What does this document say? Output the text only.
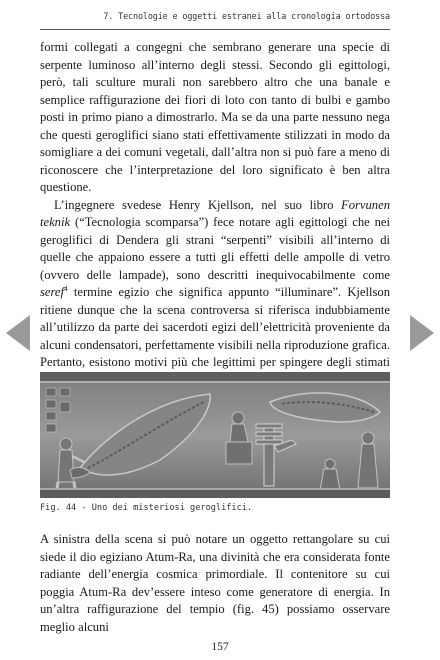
7. Tecnologie e oggetti estranei alla cronologia ortodossa

formi collegati a congegni che sembrano generare una specie di serpente luminoso all’interno degli stessi. Secondo gli egittologi, però, tali sculture murali non sarebbero altro che una banale e semplice raffigurazione dei fiori di loto con tanto di bulbi e gambo posti in primo piano a dimostrarlo. Ma se da una parte nessuno nega che questi geroglifici siano stati effettivamente stilizzati in modo da somigliare a dei comuni vegetali, dall’altra non si può fare a meno di riconoscere che l’interpretazione del loro significato è ben altra questione.

L’ingegnere svedese Henry Kjellson, nel suo libro Forvunen teknik (“Tecnologia scomparsa”) fece notare agli egittologi che nei geroglifici di Dendera gli strani “serpenti” visibili all’interno di quelle che appaiono essere a tutti gli effetti delle ampolle di vetro (ovvero delle lampade), sono descritti inequivocabilmente come seref$^4$ termine egizio che significa appunto “illuminare”. Kjellson ritiene dunque che la scena controversa si riferisca indubbiamente all’utilizzo da parte dei sacerdoti egizi dell’elettricità proveniente da alcuni condensatori, perfettamente visibili nella riproduzione grafica. Pertanto, esistono motivi più che legittimi per spingere degli stimati

Fig. 44 - Uno dei misteriosi geroglifici.

A sinistra della scena si può notare un oggetto rettangolare su cui siede il dio egiziano Atum-Ra, una divinità che era considerata fonte radiante dell’energia cosmica primordiale. Il contenitore su cui poggia Atum-Ra dev’essere inteso come generatore di energia. In un’altra raffigurazione del tempio (fig. 45) possiamo osservare meglio alcuni

157
